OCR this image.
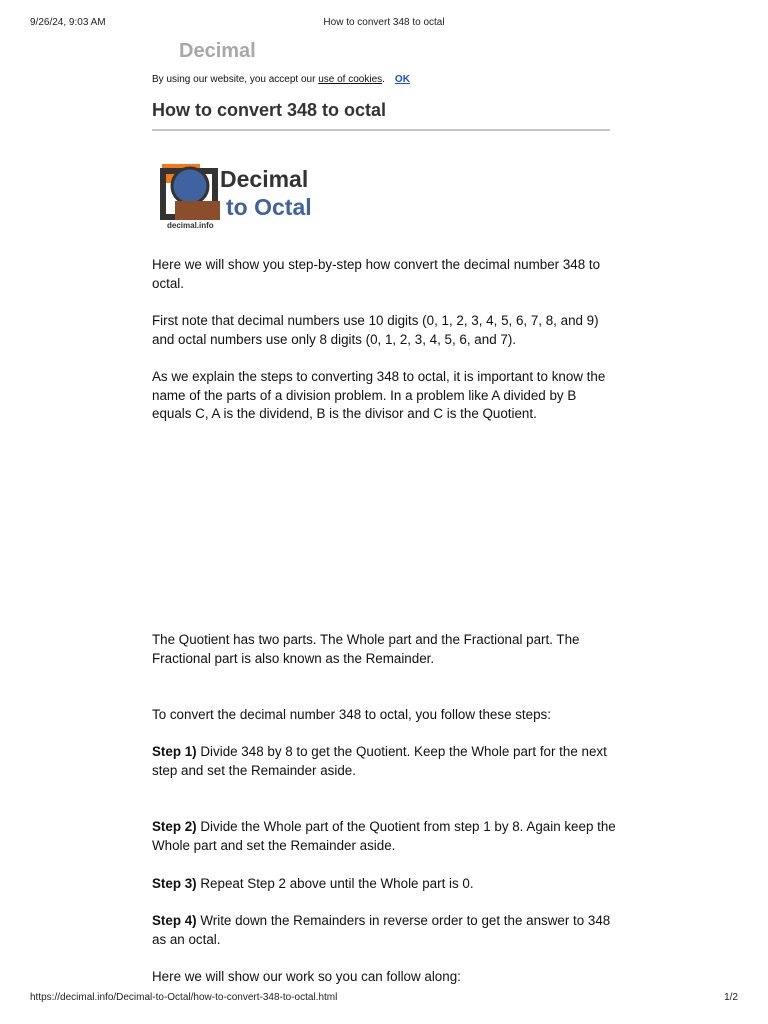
9/26/24, 9:03 AM	How to convert 348 to octal
Decimal
By using our website, you accept our use of cookies. OK
How to convert 348 to octal
Decimal
to Octal
decimal.info

Here we will show you step-by-step how convert the decimal number 348 to octal.

First note that decimal numbers use 10 digits (0, 1, 2, 3, 4, 5, 6, 7, 8, and 9) and octal numbers use only 8 digits (0, 1, 2, 3, 4, 5, 6, and 7).

As we explain the steps to converting 348 to octal, it is important to know the name of the parts of a division problem. In a problem like A divided by B equals C, A is the dividend, B is the divisor and C is the Quotient.

The Quotient has two parts. The Whole part and the Fractional part. The Fractional part is also known as the Remainder.

To convert the decimal number 348 to octal, you follow these steps:

Step 1) Divide 348 by 8 to get the Quotient. Keep the Whole part for the next step and set the Remainder aside.

Step 2) Divide the Whole part of the Quotient from step 1 by 8. Again keep the Whole part and set the Remainder aside.

Step 3) Repeat Step 2 above until the Whole part is 0.

Step 4) Write down the Remainders in reverse order to get the answer to 348 as an octal.

Here we will show our work so you can follow along:

https://decimal.info/Decimal-to-Octal/how-to-convert-348-to-octal.html	1/2
